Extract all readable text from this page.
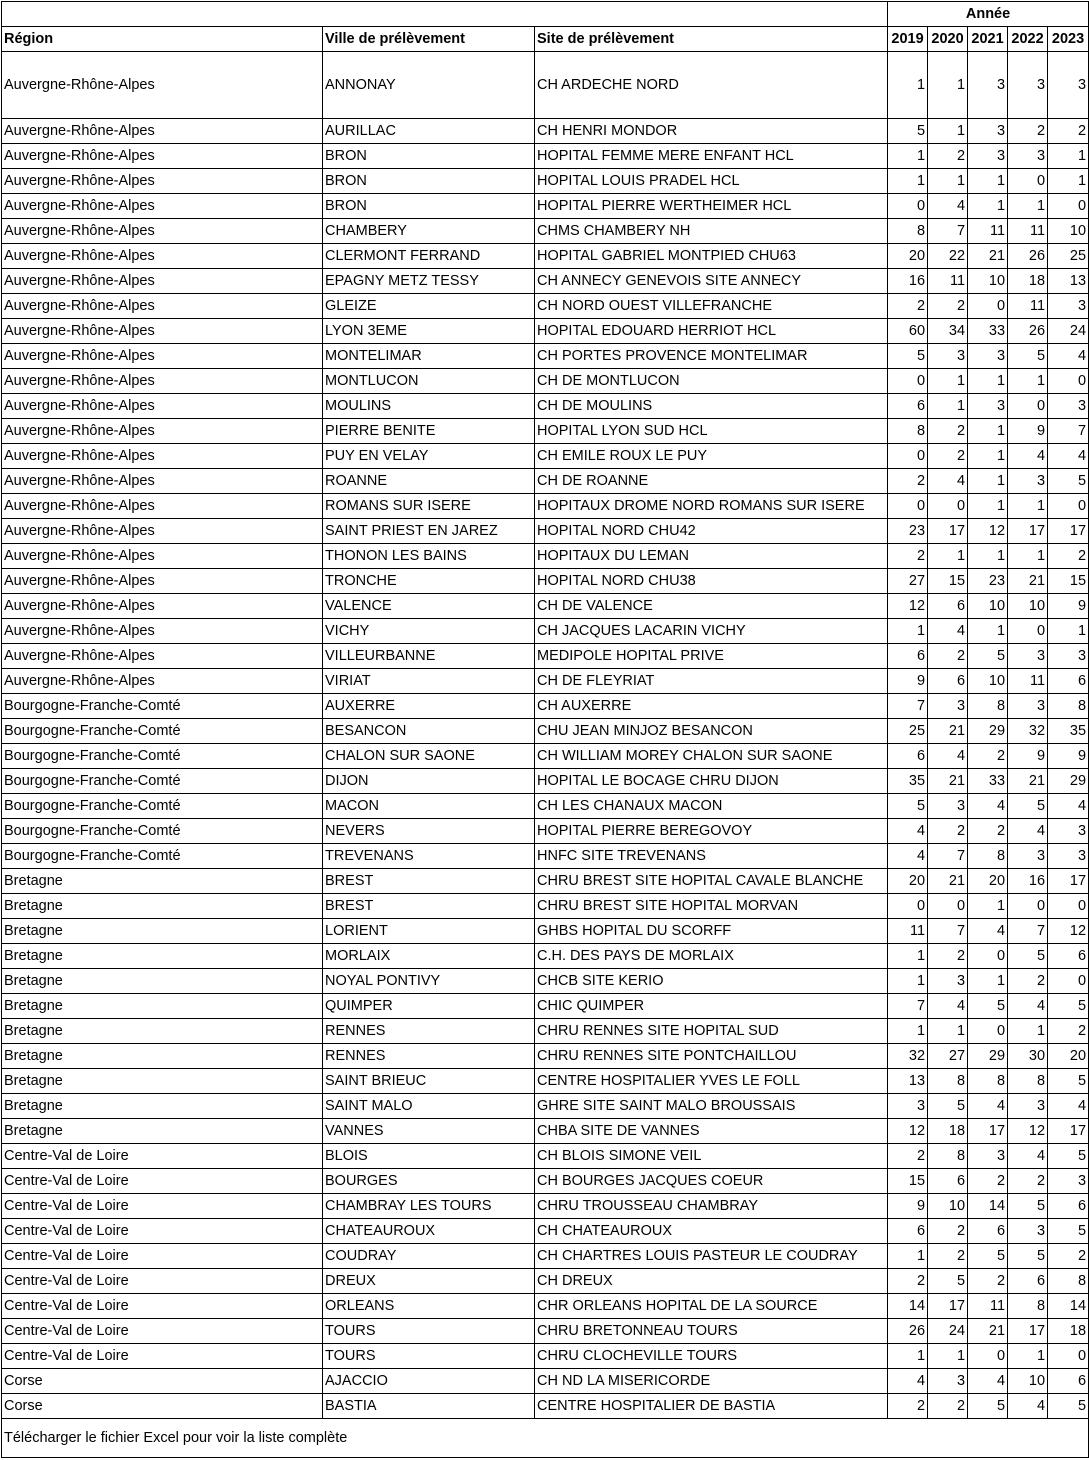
			Année				
Région	Ville de prélèvement	Site de prélèvement	2019	2020	2021	2022	2023
Auvergne-Rhône-Alpes	ANNONAY	CH ARDECHE NORD	1	1	3	3	3
Auvergne-Rhône-Alpes	AURILLAC	CH HENRI MONDOR	5	1	3	2	2
Auvergne-Rhône-Alpes	BRON	HOPITAL FEMME MERE ENFANT HCL	1	2	3	3	1
Auvergne-Rhône-Alpes	BRON	HOPITAL LOUIS PRADEL HCL	1	1	1	0	1
Auvergne-Rhône-Alpes	BRON	HOPITAL PIERRE WERTHEIMER HCL	0	4	1	1	0
Auvergne-Rhône-Alpes	CHAMBERY	CHMS CHAMBERY NH	8	7	11	11	10
Auvergne-Rhône-Alpes	CLERMONT FERRAND	HOPITAL GABRIEL MONTPIED CHU63	20	22	21	26	25
Auvergne-Rhône-Alpes	EPAGNY METZ TESSY	CH ANNECY GENEVOIS SITE ANNECY	16	11	10	18	13
Auvergne-Rhône-Alpes	GLEIZE	CH NORD OUEST VILLEFRANCHE	2	2	0	11	3
Auvergne-Rhône-Alpes	LYON 3EME	HOPITAL EDOUARD HERRIOT HCL	60	34	33	26	24
Auvergne-Rhône-Alpes	MONTELIMAR	CH PORTES PROVENCE MONTELIMAR	5	3	3	5	4
Auvergne-Rhône-Alpes	MONTLUCON	CH DE MONTLUCON	0	1	1	1	0
Auvergne-Rhône-Alpes	MOULINS	CH DE MOULINS	6	1	3	0	3
Auvergne-Rhône-Alpes	PIERRE BENITE	HOPITAL LYON SUD HCL	8	2	1	9	7
Auvergne-Rhône-Alpes	PUY EN VELAY	CH EMILE ROUX LE PUY	0	2	1	4	4
Auvergne-Rhône-Alpes	ROANNE	CH DE ROANNE	2	4	1	3	5
Auvergne-Rhône-Alpes	ROMANS SUR ISERE	HOPITAUX DROME NORD ROMANS SUR ISERE	0	0	1	1	0
Auvergne-Rhône-Alpes	SAINT PRIEST EN JAREZ	HOPITAL NORD CHU42	23	17	12	17	17
Auvergne-Rhône-Alpes	THONON LES BAINS	HOPITAUX DU LEMAN	2	1	1	1	2
Auvergne-Rhône-Alpes	TRONCHE	HOPITAL NORD CHU38	27	15	23	21	15
Auvergne-Rhône-Alpes	VALENCE	CH DE VALENCE	12	6	10	10	9
Auvergne-Rhône-Alpes	VICHY	CH JACQUES LACARIN VICHY	1	4	1	0	1
Auvergne-Rhône-Alpes	VILLEURBANNE	MEDIPOLE HOPITAL PRIVE	6	2	5	3	3
Auvergne-Rhône-Alpes	VIRIAT	CH DE FLEYRIAT	9	6	10	11	6
Bourgogne-Franche-Comté	AUXERRE	CH AUXERRE	7	3	8	3	8
Bourgogne-Franche-Comté	BESANCON	CHU JEAN MINJOZ BESANCON	25	21	29	32	35
Bourgogne-Franche-Comté	CHALON SUR SAONE	CH WILLIAM MOREY CHALON SUR SAONE	6	4	2	9	9
Bourgogne-Franche-Comté	DIJON	HOPITAL LE BOCAGE CHRU DIJON	35	21	33	21	29
Bourgogne-Franche-Comté	MACON	CH LES CHANAUX MACON	5	3	4	5	4
Bourgogne-Franche-Comté	NEVERS	HOPITAL PIERRE BEREGOVOY	4	2	2	4	3
Bourgogne-Franche-Comté	TREVENANS	HNFC SITE TREVENANS	4	7	8	3	3
Bretagne	BREST	CHRU BREST SITE HOPITAL CAVALE BLANCHE	20	21	20	16	17
Bretagne	BREST	CHRU BREST SITE HOPITAL MORVAN	0	0	1	0	0
Bretagne	LORIENT	GHBS HOPITAL DU SCORFF	11	7	4	7	12
Bretagne	MORLAIX	C.H. DES PAYS DE MORLAIX	1	2	0	5	6
Bretagne	NOYAL PONTIVY	CHCB SITE KERIO	1	3	1	2	0
Bretagne	QUIMPER	CHIC QUIMPER	7	4	5	4	5
Bretagne	RENNES	CHRU RENNES SITE HOPITAL SUD	1	1	0	1	2
Bretagne	RENNES	CHRU RENNES SITE PONTCHAILLOU	32	27	29	30	20
Bretagne	SAINT BRIEUC	CENTRE HOSPITALIER YVES LE FOLL	13	8	8	8	5
Bretagne	SAINT MALO	GHRE SITE SAINT MALO BROUSSAIS	3	5	4	3	4
Bretagne	VANNES	CHBA SITE DE VANNES	12	18	17	12	17
Centre-Val de Loire	BLOIS	CH BLOIS SIMONE VEIL	2	8	3	4	5
Centre-Val de Loire	BOURGES	CH BOURGES JACQUES COEUR	15	6	2	2	3
Centre-Val de Loire	CHAMBRAY LES TOURS	CHRU TROUSSEAU CHAMBRAY	9	10	14	5	6
Centre-Val de Loire	CHATEAUROUX	CH CHATEAUROUX	6	2	6	3	5
Centre-Val de Loire	COUDRAY	CH CHARTRES LOUIS PASTEUR LE COUDRAY	1	2	5	5	2
Centre-Val de Loire	DREUX	CH DREUX	2	5	2	6	8
Centre-Val de Loire	ORLEANS	CHR ORLEANS HOPITAL DE LA SOURCE	14	17	11	8	14
Centre-Val de Loire	TOURS	CHRU BRETONNEAU TOURS	26	24	21	17	18
Centre-Val de Loire	TOURS	CHRU CLOCHEVILLE TOURS	1	1	0	1	0
Corse	AJACCIO	CH ND LA MISERICORDE	4	3	4	10	6
Corse	BASTIA	CENTRE HOSPITALIER DE BASTIA	2	2	5	4	5
Télécharger le fichier Excel pour voir la liste complète							
